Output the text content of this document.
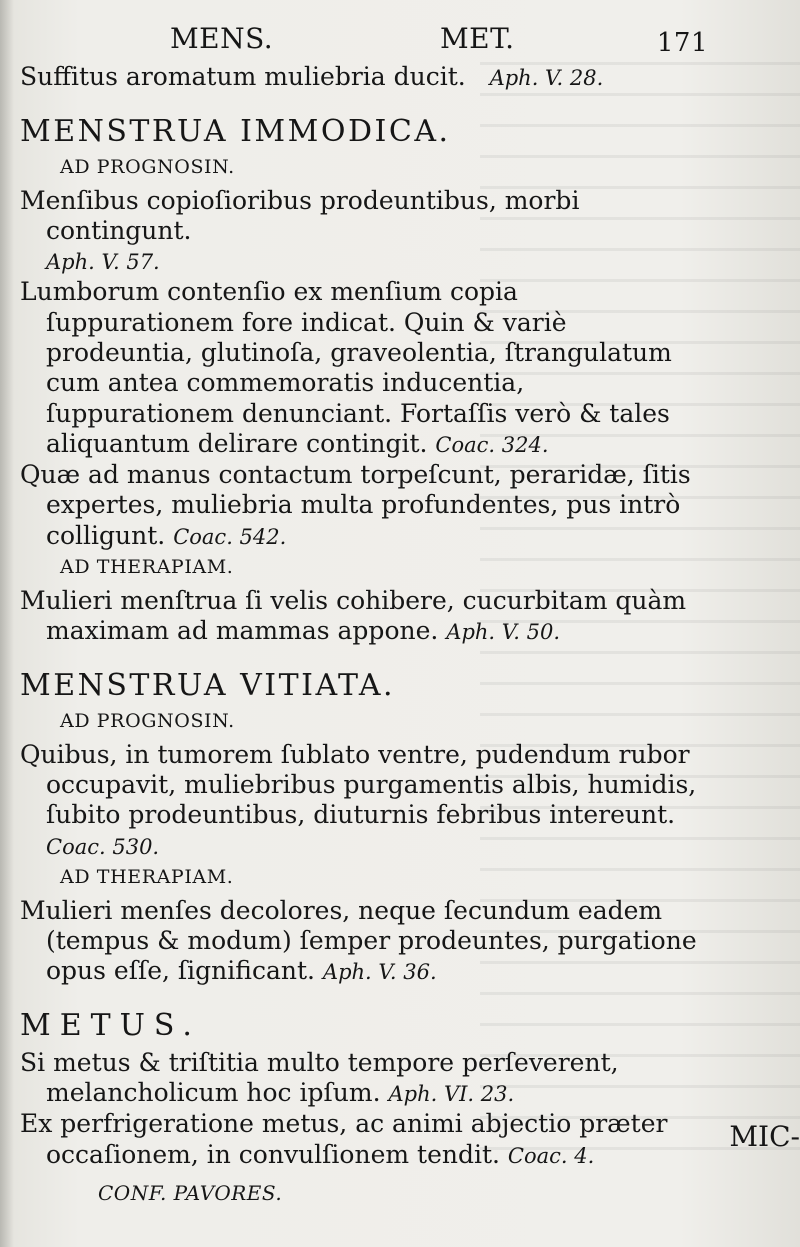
MENS.	MET.	171

Suffitus aromatum muliebria ducit. Aph. V. 28.

MENSTRUA IMMODICA.
AD PROGNOSIN.

Menſibus copioſioribus prodeuntibus, morbi contingunt.
Aph. V. 57.

Lumborum contenſio ex menſium copia ſuppurationem fore indicat. Quin & variè prodeuntia, glutinoſa, graveolentia, ſtrangulatum cum antea commemoratis inducentia, ſuppurationem denunciant. Fortaſſis verò & tales aliquantum delirare contingit. Coac. 324.

Quæ ad manus contactum torpeſcunt, peraridæ, ſitis expertes, muliebria multa profundentes, pus intrò colligunt. Coac. 542.

AD THERAPIAM.

Mulieri menſtrua ſi velis cohibere, cucurbitam quàm maximam ad mammas appone. Aph. V. 50.

MENSTRUA VITIATA.
AD PROGNOSIN.

Quibus, in tumorem ſublato ventre, pudendum rubor occupavit, muliebribus purgamentis albis, humidis, ſubito prodeuntibus, diuturnis febribus intereunt. Coac. 530.

AD THERAPIAM.

Mulieri menſes decolores, neque ſecundum eadem (tempus & modum) ſemper prodeuntes, purgatione opus eſſe, ſignificant. Aph. V. 36.

METUS.

Si metus & triſtitia multo tempore perſeverent, melancholicum hoc ipſum. Aph. VI. 23.

Ex perfrigeratione metus, ac animi abjectio præter occaſionem, in convulſionem tendit. Coac. 4.

CONF. PAVORES.
MIC-
